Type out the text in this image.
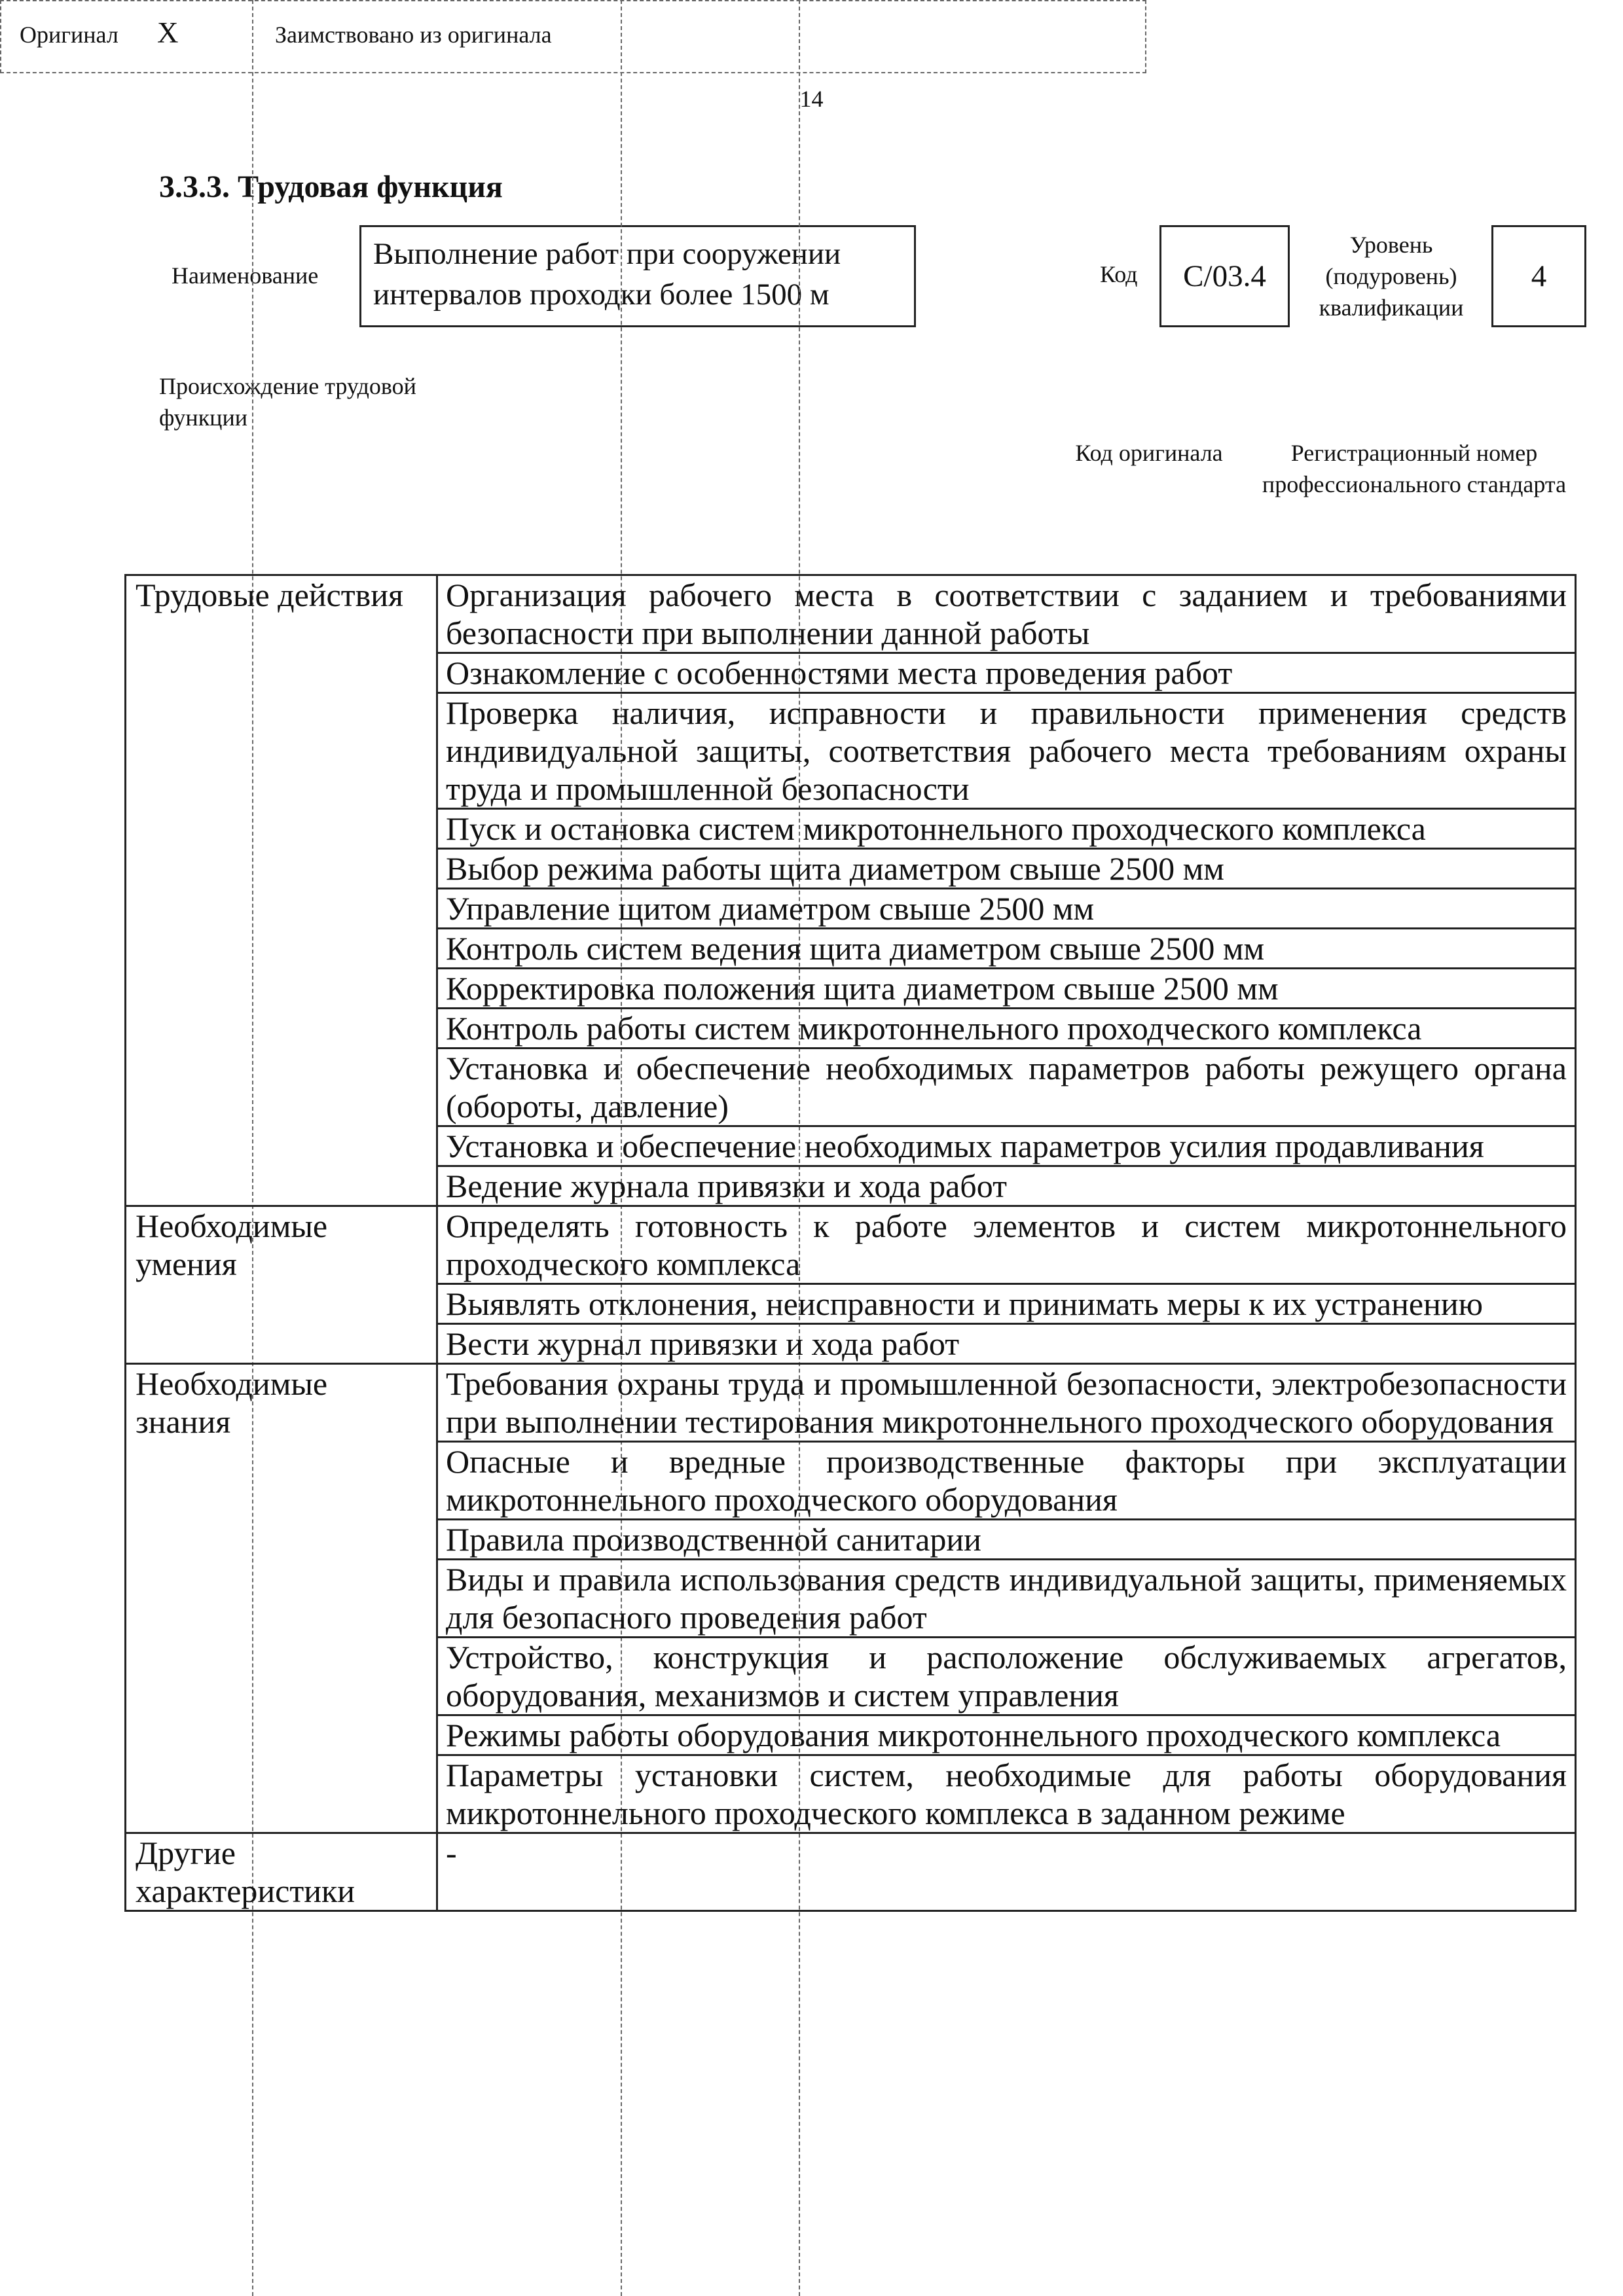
14
3.3.3. Трудовая функция
Наименование
Выполнение работ при сооружении интервалов проходки более 1500 м
Код C/03.4
Уровень (подуровень) квалификации
4
Происхождение трудовой функции
Оригинал X	Заимствовано из оригинала
Код оригинала	Регистрационный номер профессионального стандарта
Трудовые действия	Организация рабочего места в соответствии с заданием и требованиями безопасности при выполнении данной работы
	Ознакомление с особенностями места проведения работ
	Проверка наличия, исправности и правильности применения средств индивидуальной защиты, соответствия рабочего места требованиям охраны труда и промышленной безопасности
	Пуск и остановка систем микротоннельного проходческого комплекса
	Выбор режима работы щита диаметром свыше 2500 мм
	Управление щитом диаметром свыше 2500 мм
	Контроль систем ведения щита диаметром свыше 2500 мм
	Корректировка положения щита диаметром свыше 2500 мм
	Контроль работы систем микротоннельного проходческого комплекса
	Установка и обеспечение необходимых параметров работы режущего органа (обороты, давление)
	Установка и обеспечение необходимых параметров усилия продавливания
	Ведение журнала привязки и хода работ
Необходимые умения	Определять готовность к работе элементов и систем микротоннельного проходческого комплекса
	Выявлять отклонения, неисправности и принимать меры к их устранению
	Вести журнал привязки и хода работ
Необходимые знания	Требования охраны труда и промышленной безопасности, электробезопасности при выполнении тестирования микротоннельного проходческого оборудования
	Опасные и вредные производственные факторы при эксплуатации микротоннельного проходческого оборудования
	Правила производственной санитарии
	Виды и правила использования средств индивидуальной защиты, применяемых для безопасного проведения работ
	Устройство, конструкция и расположение обслуживаемых агрегатов, оборудования, механизмов и систем управления
	Режимы работы оборудования микротоннельного проходческого комплекса
	Параметры установки систем, необходимые для работы оборудования микротоннельного проходческого комплекса в заданном режиме
Другие характеристики	-
